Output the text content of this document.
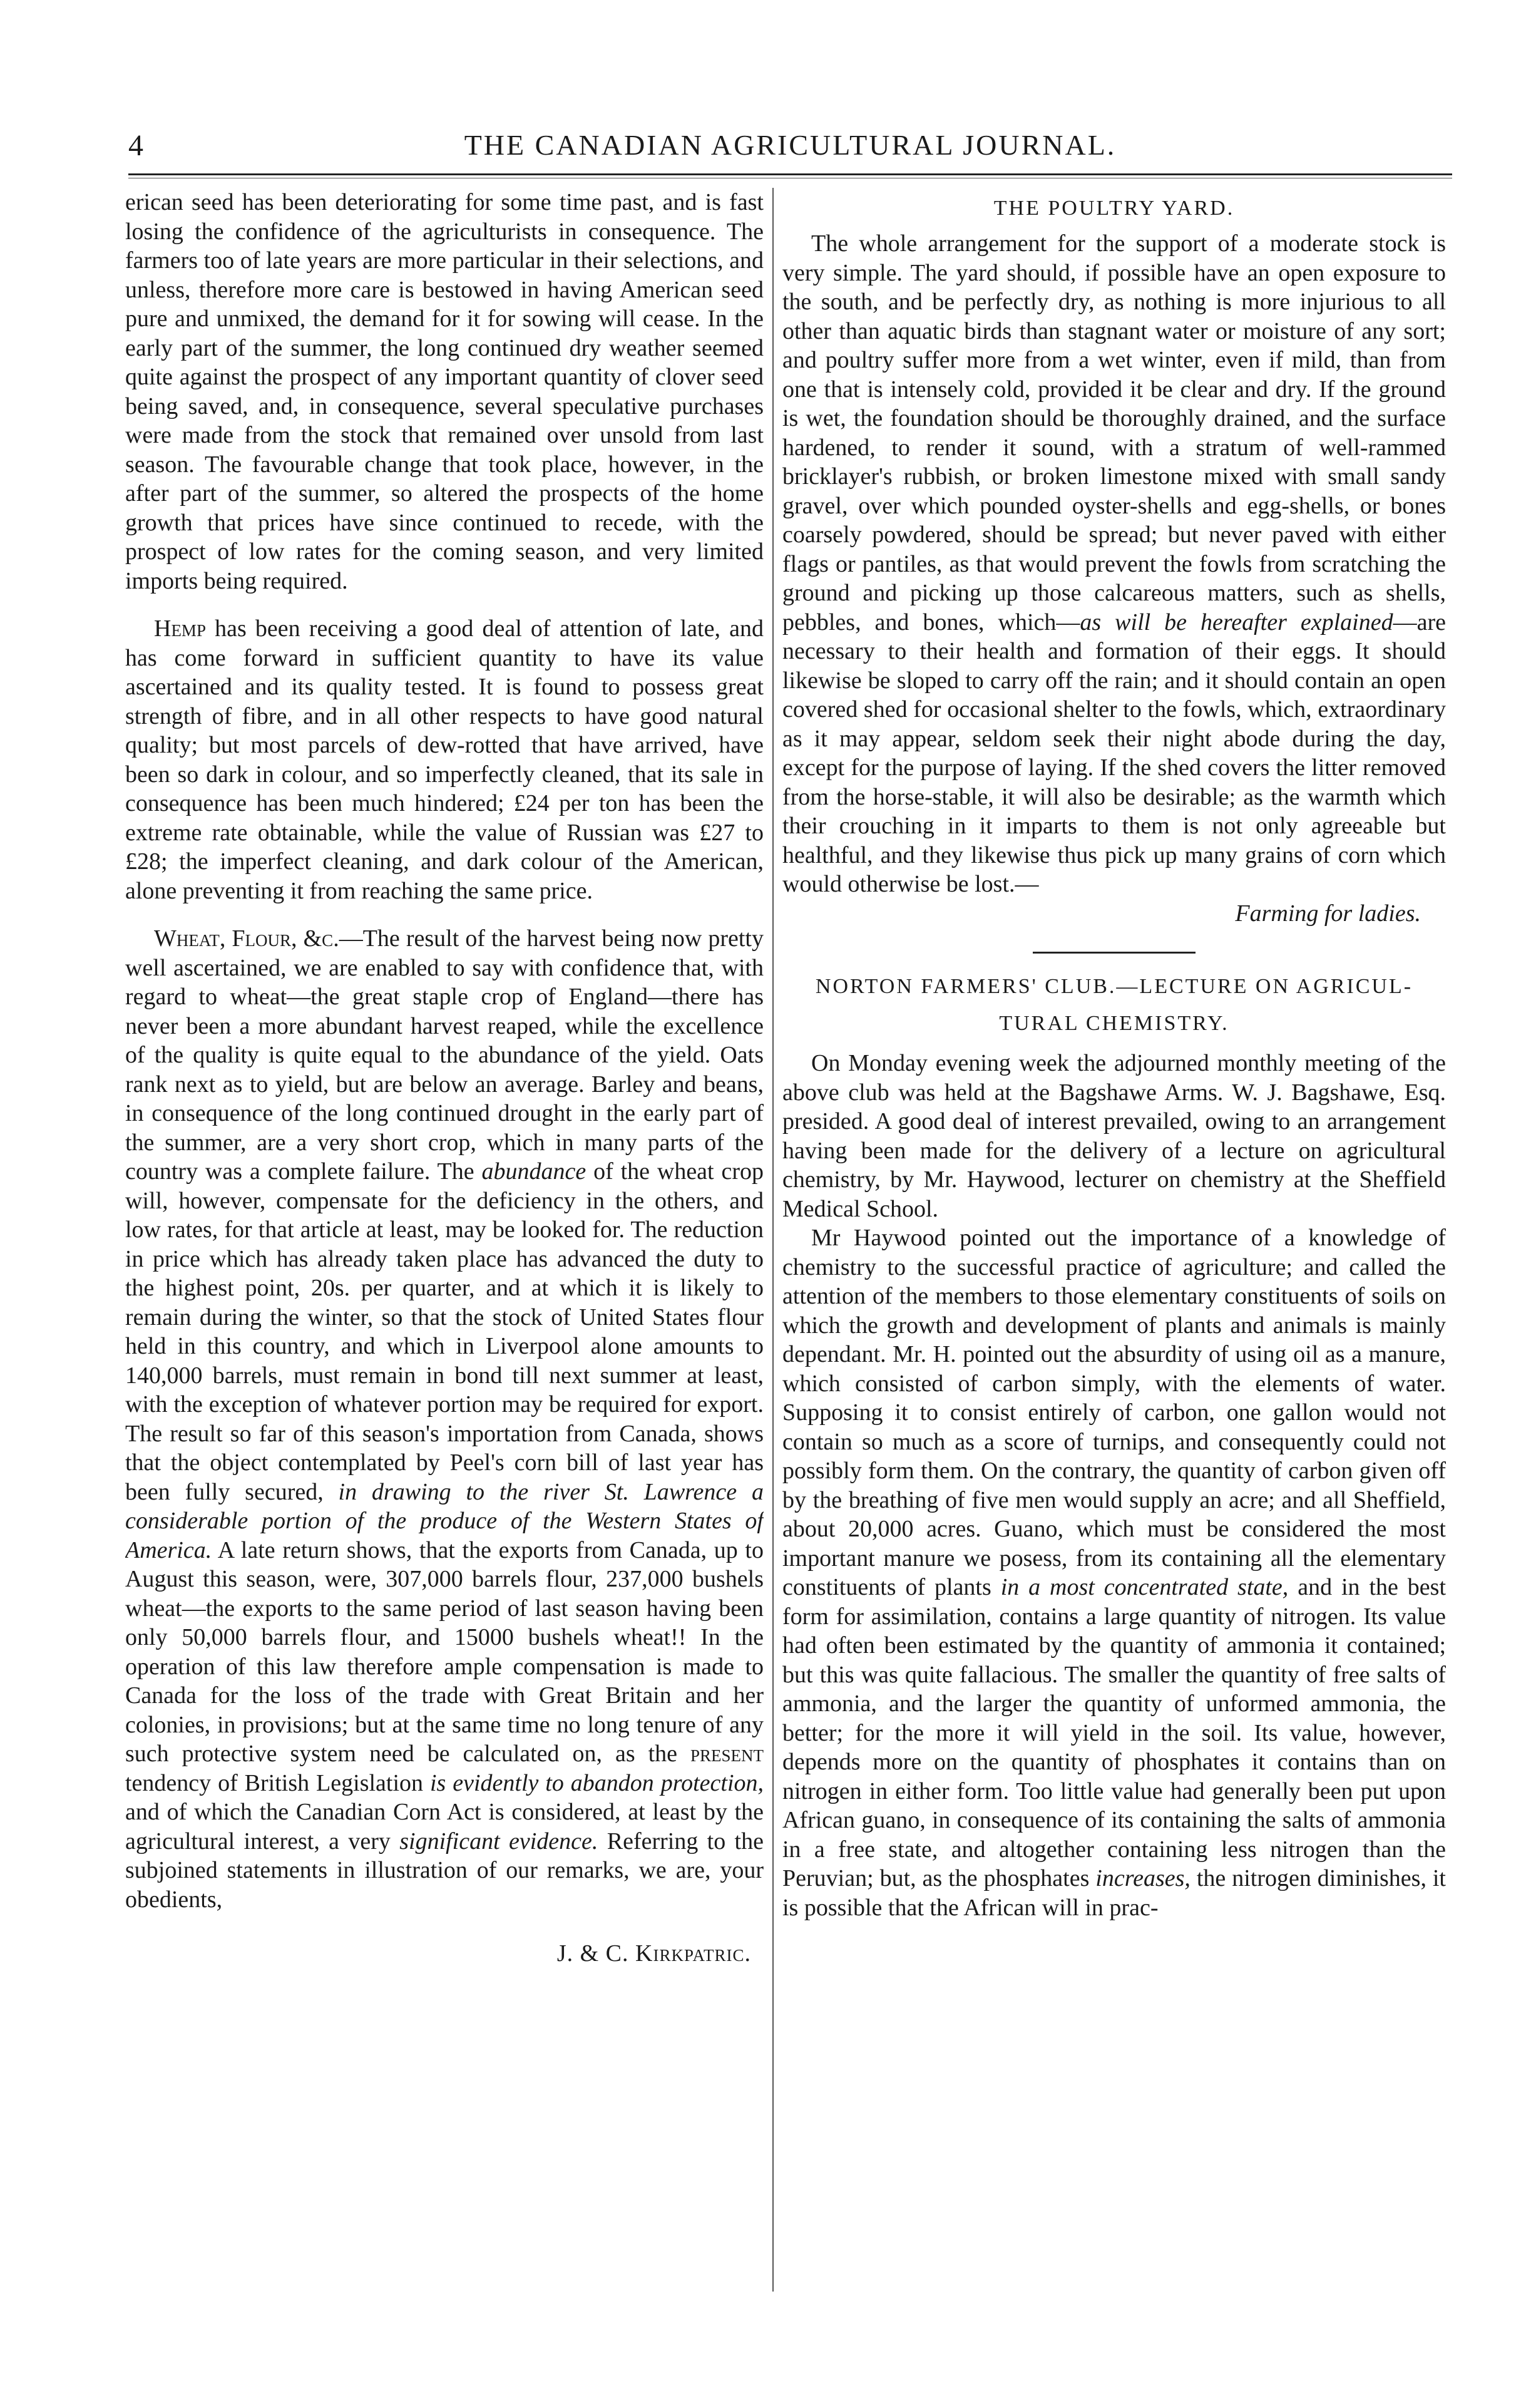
4	THE CANADIAN AGRICULTURAL JOURNAL.

erican seed has been deteriorating for some time past, and is fast losing the confidence of the agriculturists in consequence. The farmers too of late years are more particular in their selections, and unless, therefore more care is bestowed in having American seed pure and unmixed, the demand for it for sowing will cease. In the early part of the summer, the long continued dry weather seemed quite against the prospect of any important quantity of clover seed being saved, and, in consequence, several speculative purchases were made from the stock that remained over unsold from last season. The favourable change that took place, however, in the after part of the summer, so altered the prospects of the home growth that prices have since continued to recede, with the prospect of low rates for the coming season, and very limited imports being required.

Hemp has been receiving a good deal of attention of late, and has come forward in sufficient quantity to have its value ascertained and its quality tested. It is found to possess great strength of fibre, and in all other respects to have good natural quality; but most parcels of dew-rotted that have arrived, have been so dark in colour, and so imperfectly cleaned, that its sale in consequence has been much hindered; £24 per ton has been the extreme rate obtainable, while the value of Russian was £27 to £28; the imperfect cleaning, and dark colour of the American, alone preventing it from reaching the same price.

Wheat, Flour, &c.—The result of the harvest being now pretty well ascertained, we are enabled to say with confidence that, with regard to wheat—the great staple crop of England—there has never been a more abundant harvest reaped, while the excellence of the quality is quite equal to the abundance of the yield. Oats rank next as to yield, but are below an average. Barley and beans, in consequence of the long continued drought in the early part of the summer, are a very short crop, which in many parts of the country was a complete failure. The abundance of the wheat crop will, however, compensate for the deficiency in the others, and low rates, for that article at least, may be looked for. The reduction in price which has already taken place has advanced the duty to the highest point, 20s. per quarter, and at which it is likely to remain during the winter, so that the stock of United States flour held in this country, and which in Liverpool alone amounts to 140,000 barrels, must remain in bond till next summer at least, with the exception of whatever portion may be required for export. The result so far of this season's importation from Canada, shows that the object contemplated by Peel's corn bill of last year has been fully secured, in drawing to the river St. Lawrence a considerable portion of the produce of the Western States of America. A late return shows, that the exports from Canada, up to August this season, were, 307,000 barrels flour, 237,000 bushels wheat—the exports to the same period of last season having been only 50,000 barrels flour, and 15000 bushels wheat!! In the operation of this law therefore ample compensation is made to Canada for the loss of the trade with Great Britain and her colonies, in provisions; but at the same time no long tenure of any such protective system need be calculated on, as the present tendency of British Legislation is evidently to abandon protection, and of which the Canadian Corn Act is considered, at least by the agricultural interest, a very significant evidence. Referring to the subjoined statements in illustration of our remarks, we are, your obedients,

J. & C. Kirkpatric.
THE POULTRY YARD.

The whole arrangement for the support of a moderate stock is very simple. The yard should, if possible have an open exposure to the south, and be perfectly dry, as nothing is more injurious to all other than aquatic birds than stagnant water or moisture of any sort; and poultry suffer more from a wet winter, even if mild, than from one that is intensely cold, provided it be clear and dry. If the ground is wet, the foundation should be thoroughly drained, and the surface hardened, to render it sound, with a stratum of well-rammed bricklayer's rubbish, or broken limestone mixed with small sandy gravel, over which pounded oyster-shells and egg-shells, or bones coarsely powdered, should be spread; but never paved with either flags or pantiles, as that would prevent the fowls from scratching the ground and picking up those calcareous matters, such as shells, pebbles, and bones, which—as will be hereafter explained—are necessary to their health and formation of their eggs. It should likewise be sloped to carry off the rain; and it should contain an open covered shed for occasional shelter to the fowls, which, extraordinary as it may appear, seldom seek their night abode during the day, except for the purpose of laying. If the shed covers the litter removed from the horse-stable, it will also be desirable; as the warmth which their crouching in it imparts to them is not only agreeable but healthful, and they likewise thus pick up many grains of corn which would otherwise be lost.—

Farming for ladies.

NORTON FARMERS' CLUB.—LECTURE ON AGRICUL-
TURAL CHEMISTRY.

On Monday evening week the adjourned monthly meeting of the above club was held at the Bagshawe Arms. W. J. Bagshawe, Esq. presided. A good deal of interest prevailed, owing to an arrangement having been made for the delivery of a lecture on agricultural chemistry, by Mr. Haywood, lecturer on chemistry at the Sheffield Medical School.

Mr Haywood pointed out the importance of a knowledge of chemistry to the successful practice of agriculture; and called the attention of the members to those elementary constituents of soils on which the growth and development of plants and animals is mainly dependant. Mr. H. pointed out the absurdity of using oil as a manure, which consisted of carbon simply, with the elements of water. Supposing it to consist entirely of carbon, one gallon would not contain so much as a score of turnips, and consequently could not possibly form them. On the contrary, the quantity of carbon given off by the breathing of five men would supply an acre; and all Sheffield, about 20,000 acres. Guano, which must be considered the most important manure we posess, from its containing all the elementary constituents of plants in a most concentrated state, and in the best form for assimilation, contains a large quantity of nitrogen. Its value had often been estimated by the quantity of ammonia it contained; but this was quite fallacious. The smaller the quantity of free salts of ammonia, and the larger the quantity of unformed ammonia, the better; for the more it will yield in the soil. Its value, however, depends more on the quantity of phosphates it contains than on nitrogen in either form. Too little value had generally been put upon African guano, in consequence of its containing the salts of ammonia in a free state, and altogether containing less nitrogen than the Peruvian; but, as the phosphates increases, the nitrogen diminishes, it is possible that the African will in prac-
